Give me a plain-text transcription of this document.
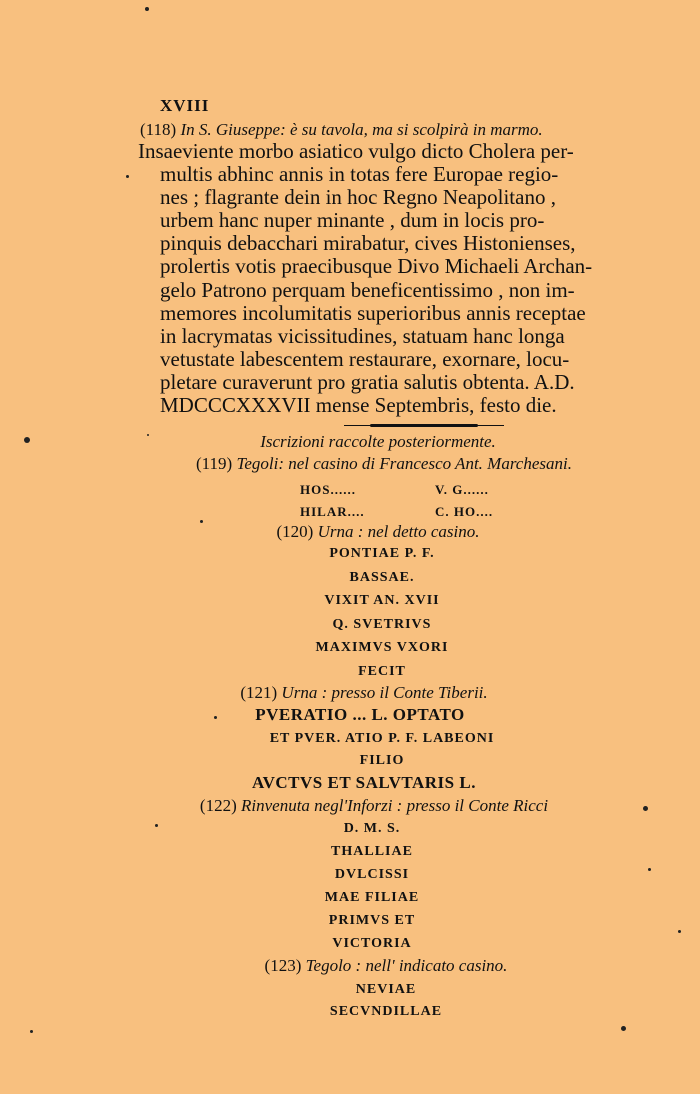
XVIII
(118) In S. Giuseppe: è su tavola, ma si scolpirà in marmo.
Insaeviente morbo asiatico vulgo dicto Cholera per-
multis abhinc annis in totas fere Europae regio-
nes ; flagrante dein in hoc Regno Neapolitano ,
urbem hanc nuper minante , dum in locis pro-
pinquis debacchari mirabatur, cives Histonienses,
prolertis votis praecibusque Divo Michaeli Archan-
gelo Patrono perquam beneficentissimo , non im-
memores incolumitatis superioribus annis receptae
in lacrymatas vicissitudines, statuam hanc longa
vetustate labescentem restaurare, exornare, locu-
pletare curaverunt pro gratia salutis obtenta. A.D.
MDCCCXXXVII mense Septembris, festo die.
Iscrizioni raccolte posteriormente.
(119) Tegoli: nel casino di Francesco Ant. Marchesani.
HOS......	V. G......
HILAR....	C. HO....
(120) Urna : nel detto casino.
PONTIAE P. F.
BASSAE.
VIXIT AN. XVII
Q. SVETRIVS
MAXIMVS VXORI
FECIT
(121) Urna : presso il Conte Tiberii.
PVERATIO ... L. OPTATO
ET PVER. ATIO P. F. LABEONI
FILIO
AVCTVS ET SALVTARIS L.
(122) Rinvenuta negl'Inforzi : presso il Conte Ricci
D. M. S.
THALLIAE
DVLCISSI
MAE FILIAE
PRIMVS ET
VICTORIA
(123) Tegolo : nell' indicato casino.
NEVIAE
SECVNDILLAE
